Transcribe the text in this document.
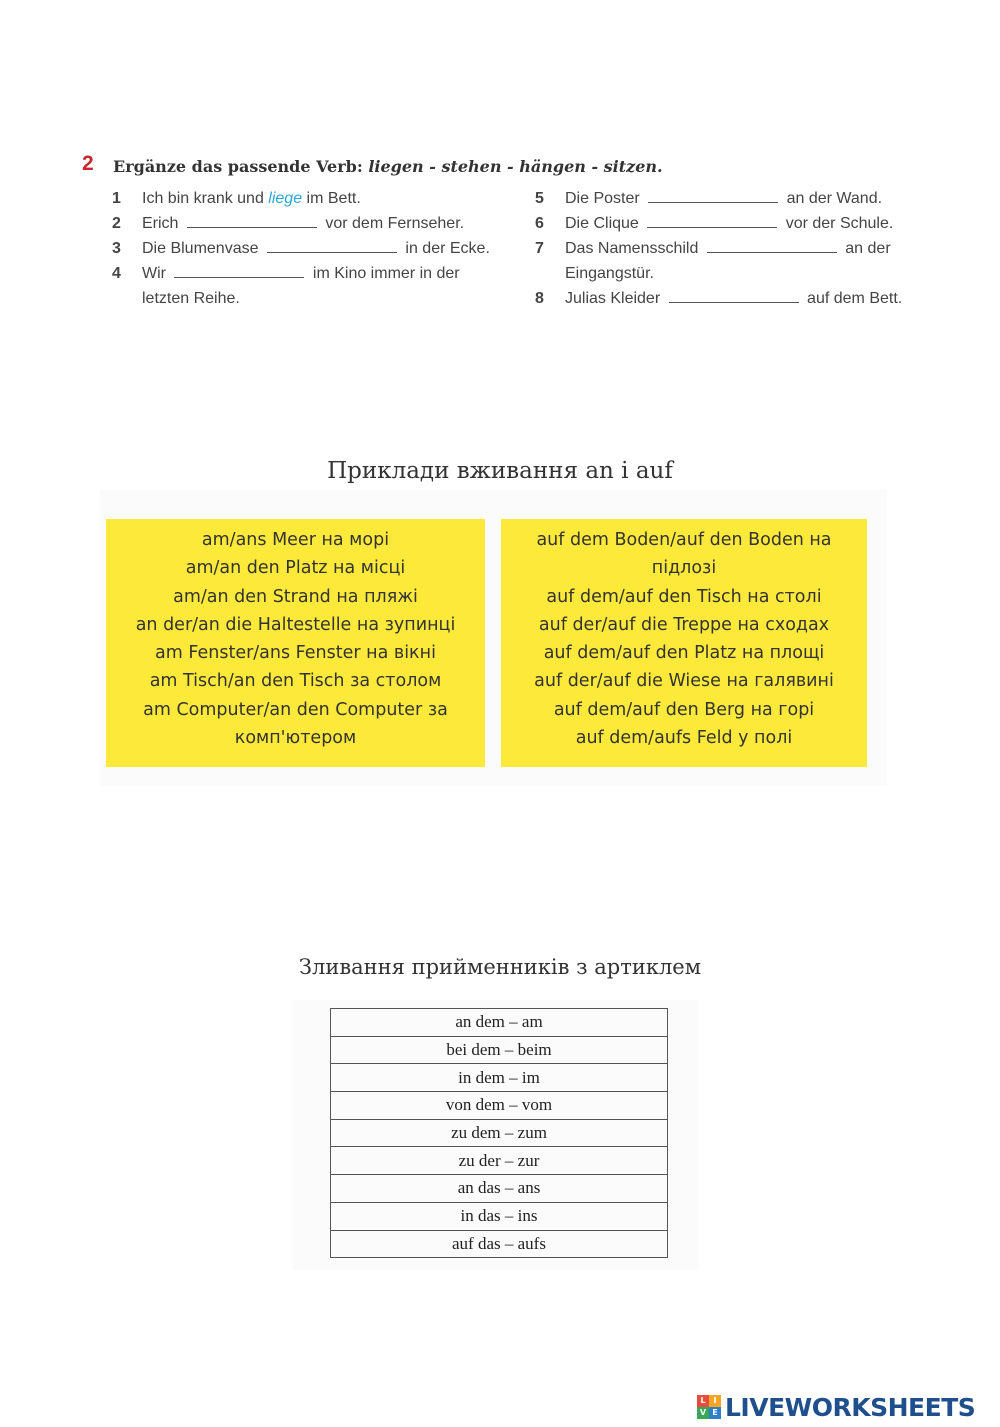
2 Ergänze das passende Verb: liegen - stehen - hängen - sitzen.
1 Ich bin krank und liege im Bett.
2 Erich	vor dem Fernseher.
3 Die Blumenvase	in der Ecke.
4 Wir	im Kino immer in der letzten Reihe.
5 Die Poster	an der Wand.
6 Die Clique	vor der Schule.
7 Das Namensschild	an der Eingangstür.
8 Julias Kleider	auf dem Bett.
Приклади вживання an і auf
am/ans Meer на морі
am/an den Platz на місці
am/an den Strand на пляжі
an der/an die Haltestelle на зупинці
am Fenster/ans Fenster на вікні
am Tisch/an den Tisch за столом
am Computer/an den Computer за
комп'ютером
auf dem Boden/auf den Boden на
підлозі
auf dem/auf den Tisch на столі
auf der/auf die Treppe на сходах
auf dem/auf den Platz на площі
auf der/auf die Wiese на галявині
auf dem/auf den Berg на горі
auf dem/aufs Feld у полі
Зливання прийменників з артиклем
an dem – am
bei dem – beim
in dem – im
von dem – vom
zu dem – zum
zu der – zur
an das – ans
in das – ins
auf das – aufs
L I
V E LIVEWORKSHEETS
